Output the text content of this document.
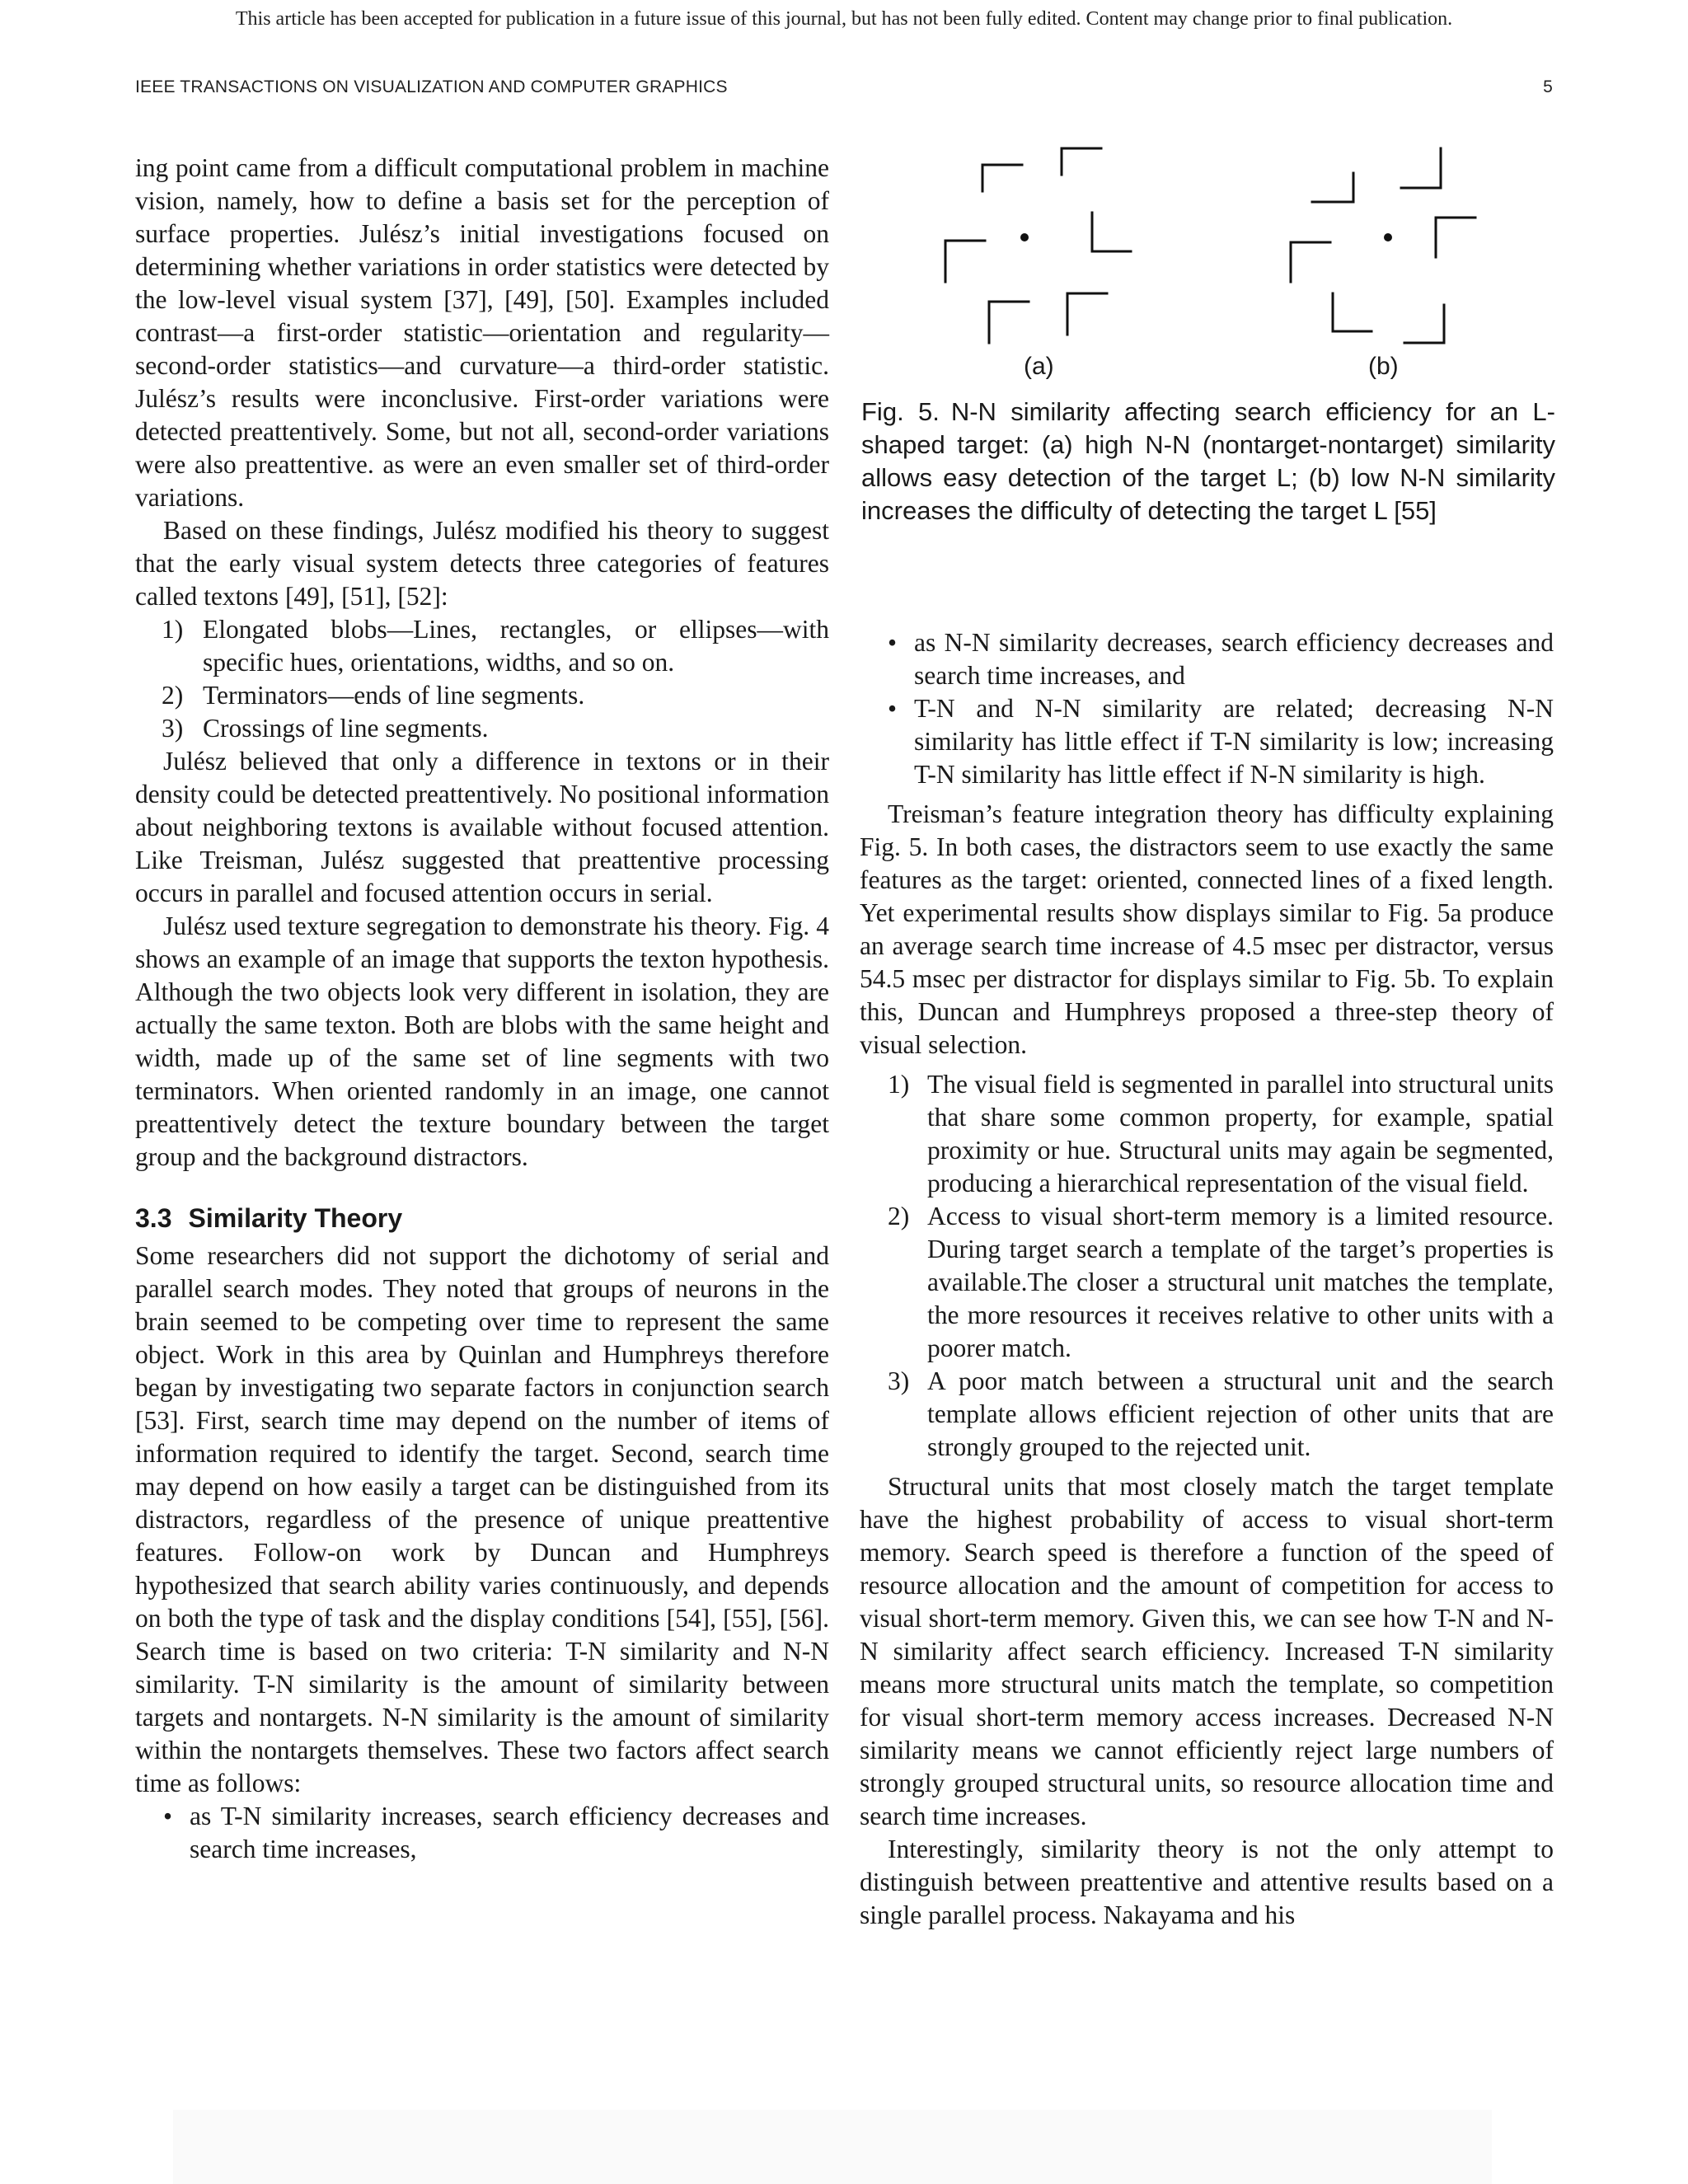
This article has been accepted for publication in a future issue of this journal, but has not been fully edited. Content may change prior to final publication.
IEEE TRANSACTIONS ON VISUALIZATION AND COMPUTER GRAPHICS	5

ing point came from a difficult computational problem in machine vision, namely, how to define a basis set for the perception of surface properties. Julész’s initial investigations focused on determining whether variations in order statistics were detected by the low-level visual system [37], [49], [50]. Examples included contrast—a first-order statistic—orientation and regularity—second-order statistics—and curvature—a third-order statistic. Julész’s results were inconclusive. First-order variations were detected preattentively. Some, but not all, second-order variations were also preattentive. as were an even smaller set of third-order variations.

Based on these findings, Julész modified his theory to suggest that the early visual system detects three categories of features called textons [49], [51], [52]:

1) Elongated blobs—Lines, rectangles, or ellipses—with specific hues, orientations, widths, and so on.
2) Terminators—ends of line segments.
3) Crossings of line segments.

Julész believed that only a difference in textons or in their density could be detected preattentively. No positional information about neighboring textons is available without focused attention. Like Treisman, Julész suggested that preattentive processing occurs in parallel and focused attention occurs in serial.

Julész used texture segregation to demonstrate his theory. Fig. 4 shows an example of an image that supports the texton hypothesis. Although the two objects look very different in isolation, they are actually the same texton. Both are blobs with the same height and width, made up of the same set of line segments with two terminators. When oriented randomly in an image, one cannot preattentively detect the texture boundary between the target group and the background distractors.

3.3 Similarity Theory

Some researchers did not support the dichotomy of serial and parallel search modes. They noted that groups of neurons in the brain seemed to be competing over time to represent the same object. Work in this area by Quinlan and Humphreys therefore began by investigating two separate factors in conjunction search [53]. First, search time may depend on the number of items of information required to identify the target. Second, search time may depend on how easily a target can be distinguished from its distractors, regardless of the presence of unique preattentive features. Follow-on work by Duncan and Humphreys hypothesized that search ability varies continuously, and depends on both the type of task and the display conditions [54], [55], [56]. Search time is based on two criteria: T-N similarity and N-N similarity. T-N similarity is the amount of similarity between targets and nontargets. N-N similarity is the amount of similarity within the nontargets themselves. These two factors affect search time as follows:

• as T-N similarity increases, search efficiency decreases and search time increases,
(a)	(b)
Fig. 5. N-N similarity affecting search efficiency for an L-shaped target: (a) high N-N (nontarget-nontarget) similarity allows easy detection of the target L; (b) low N-N similarity increases the difficulty of detecting the target L [55]
• as N-N similarity decreases, search efficiency decreases and search time increases, and
• T-N and N-N similarity are related; decreasing N-N similarity has little effect if T-N similarity is low; increasing T-N similarity has little effect if N-N similarity is high.

Treisman’s feature integration theory has difficulty explaining Fig. 5. In both cases, the distractors seem to use exactly the same features as the target: oriented, connected lines of a fixed length. Yet experimental results show displays similar to Fig. 5a produce an average search time increase of 4.5 msec per distractor, versus 54.5 msec per distractor for displays similar to Fig. 5b. To explain this, Duncan and Humphreys proposed a three-step theory of visual selection.

1) The visual field is segmented in parallel into structural units that share some common property, for example, spatial proximity or hue. Structural units may again be segmented, producing a hierarchical representation of the visual field.
2) Access to visual short-term memory is a limited resource. During target search a template of the target’s properties is available.The closer a structural unit matches the template, the more resources it receives relative to other units with a poorer match.
3) A poor match between a structural unit and the search template allows efficient rejection of other units that are strongly grouped to the rejected unit.

Structural units that most closely match the target template have the highest probability of access to visual short-term memory. Search speed is therefore a function of the speed of resource allocation and the amount of competition for access to visual short-term memory. Given this, we can see how T-N and N-N similarity affect search efficiency. Increased T-N similarity means more structural units match the template, so competition for visual short-term memory access increases. Decreased N-N similarity means we cannot efficiently reject large numbers of strongly grouped structural units, so resource allocation time and search time increases.

Interestingly, similarity theory is not the only attempt to distinguish between preattentive and attentive results based on a single parallel process. Nakayama and his
